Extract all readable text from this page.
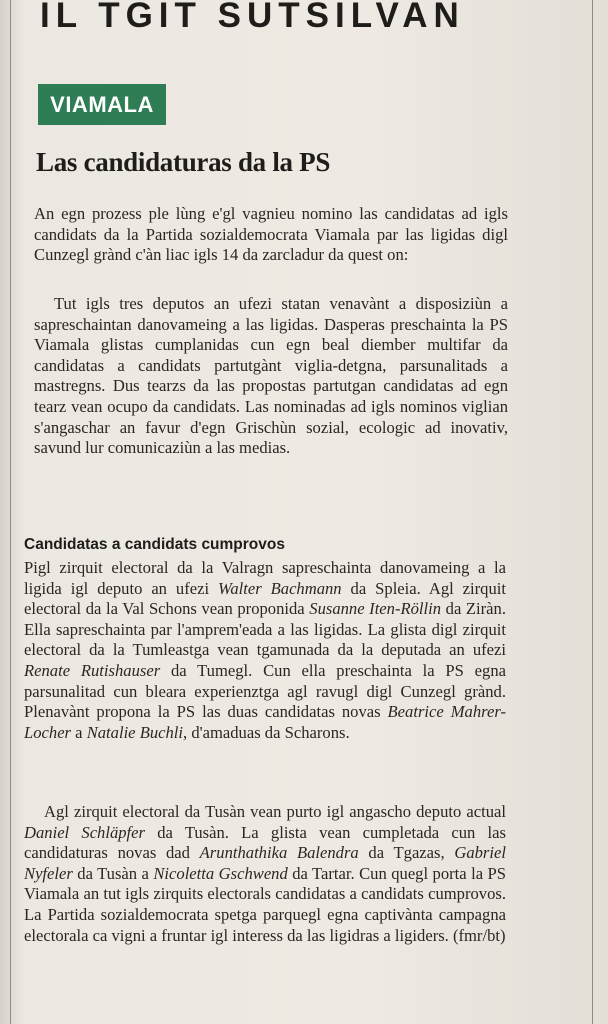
IL TGIT SUTSILVAN
VIAMALA
Las candidaturas da la PS

An egn prozess ple lùng e'gl vagnieu nomino las candidatas ad igls candidats da la Partida sozialdemocrata Viamala par las ligidas digl Cunzegl grànd c'àn liac igls 14 da zarcladur da quest on:

Tut igls tres deputos an ufezi statan venavànt a disposiziùn a sapreschaintan danovameing a las ligidas. Dasperas preschainta la PS Viamala glistas cumplanidas cun egn beal diember multifar da candidatas a candidats partutgànt viglia-detgna, parsunalitads a mastregns. Dus tearzs da las propostas partutgan candidatas ad egn tearz vean ocupo da candidats. Las nominadas ad igls nominos viglian s'angaschar an favur d'egn Grischùn sozial, ecologic ad inovativ, savund lur comunicaziùn a las medias.

Candidatas a candidats cumprovos

Pigl zirquit electoral da la Valragn sapreschainta danovameing a la ligida igl deputo an ufezi Walter Bachmann da Spleia. Agl zirquit electoral da la Val Schons vean proponida Susanne Iten-Röllin da Ziràn. Ella sapreschainta par l'amprem'eada a las ligidas. La glista digl zirquit electoral da la Tumleastga vean tgamunada da la deputada an ufezi Renate Rutishauser da Tumegl. Cun ella preschainta la PS egna parsunalitad cun bleara experienztga agl ravugl digl Cunzegl grànd. Plenavànt propona la PS las duas candidatas novas Beatrice Mahrer-Locher a Natalie Buchli, d'amaduas da Scharons.

Agl zirquit electoral da Tusàn vean purto igl angascho deputo actual Daniel Schläpfer da Tusàn. La glista vean cumpletada cun las candidaturas novas dad Arunthathika Balendra da Tgazas, Gabriel Nyfeler da Tusàn a Nicoletta Gschwend da Tartar. Cun quegl porta la PS Viamala an tut igls zirquits electorals candidatas a candidats cumprovos. La Partida sozialdemocrata spetga parquegl egna captivànta campagna electorala ca vigni a fruntar igl interess da las ligidras a ligiders. (fmr/bt)
